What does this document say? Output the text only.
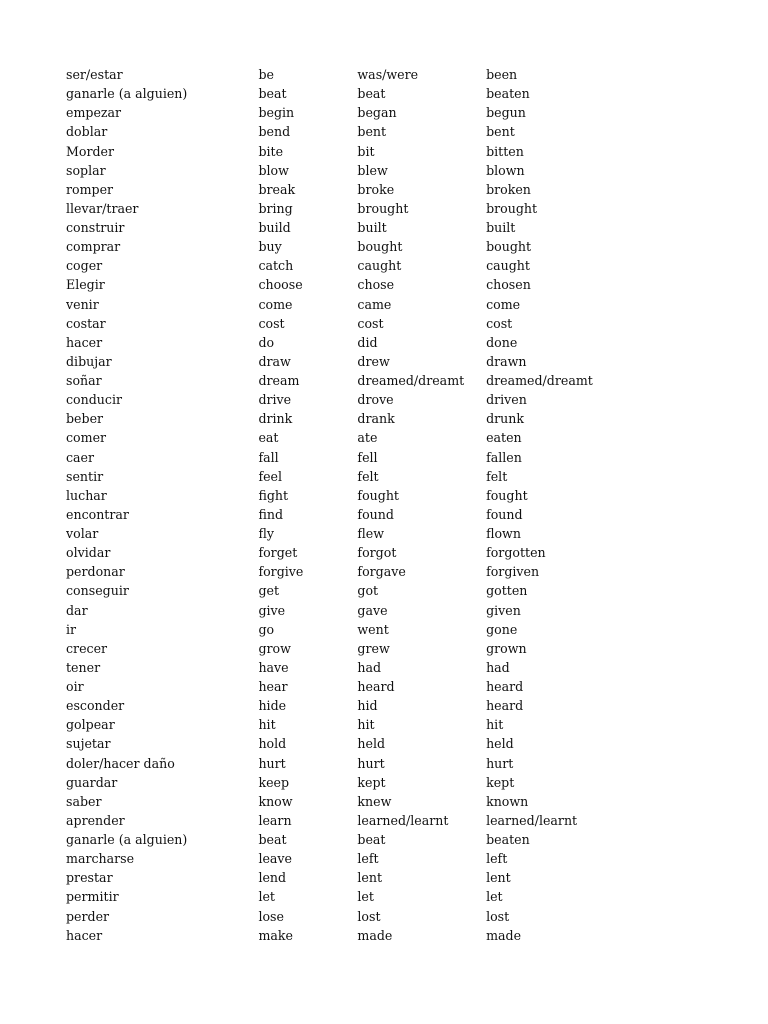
ser/estar	be	was/were	been
ganarle (a alguien)	beat	beat	beaten
empezar	begin	began	begun
doblar	bend	bent	bent
Morder	bite	bit	bitten
soplar	blow	blew	blown
romper	break	broke	broken
llevar/traer	bring	brought	brought
construir	build	built	built
comprar	buy	bought	bought
coger	catch	caught	caught
Elegir	choose	chose	chosen
venir	come	came	come
costar	cost	cost	cost
hacer	do	did	done
dibujar	draw	drew	drawn
soñar	dream	dreamed/dreamt	dreamed/dreamt
conducir	drive	drove	driven
beber	drink	drank	drunk
comer	eat	ate	eaten
caer	fall	fell	fallen
sentir	feel	felt	felt
luchar	fight	fought	fought
encontrar	find	found	found
volar	fly	flew	flown
olvidar	forget	forgot	forgotten
perdonar	forgive	forgave	forgiven
conseguir	get	got	gotten
dar	give	gave	given
ir	go	went	gone
crecer	grow	grew	grown
tener	have	had	had
oir	hear	heard	heard
esconder	hide	hid	heard
golpear	hit	hit	hit
sujetar	hold	held	held
doler/hacer daño	hurt	hurt	hurt
guardar	keep	kept	kept
saber	know	knew	known
aprender	learn	learned/learnt	learned/learnt
ganarle (a alguien)	beat	beat	beaten
marcharse	leave	left	left
prestar	lend	lent	lent
permitir	let	let	let
perder	lose	lost	lost
hacer	make	made	made
